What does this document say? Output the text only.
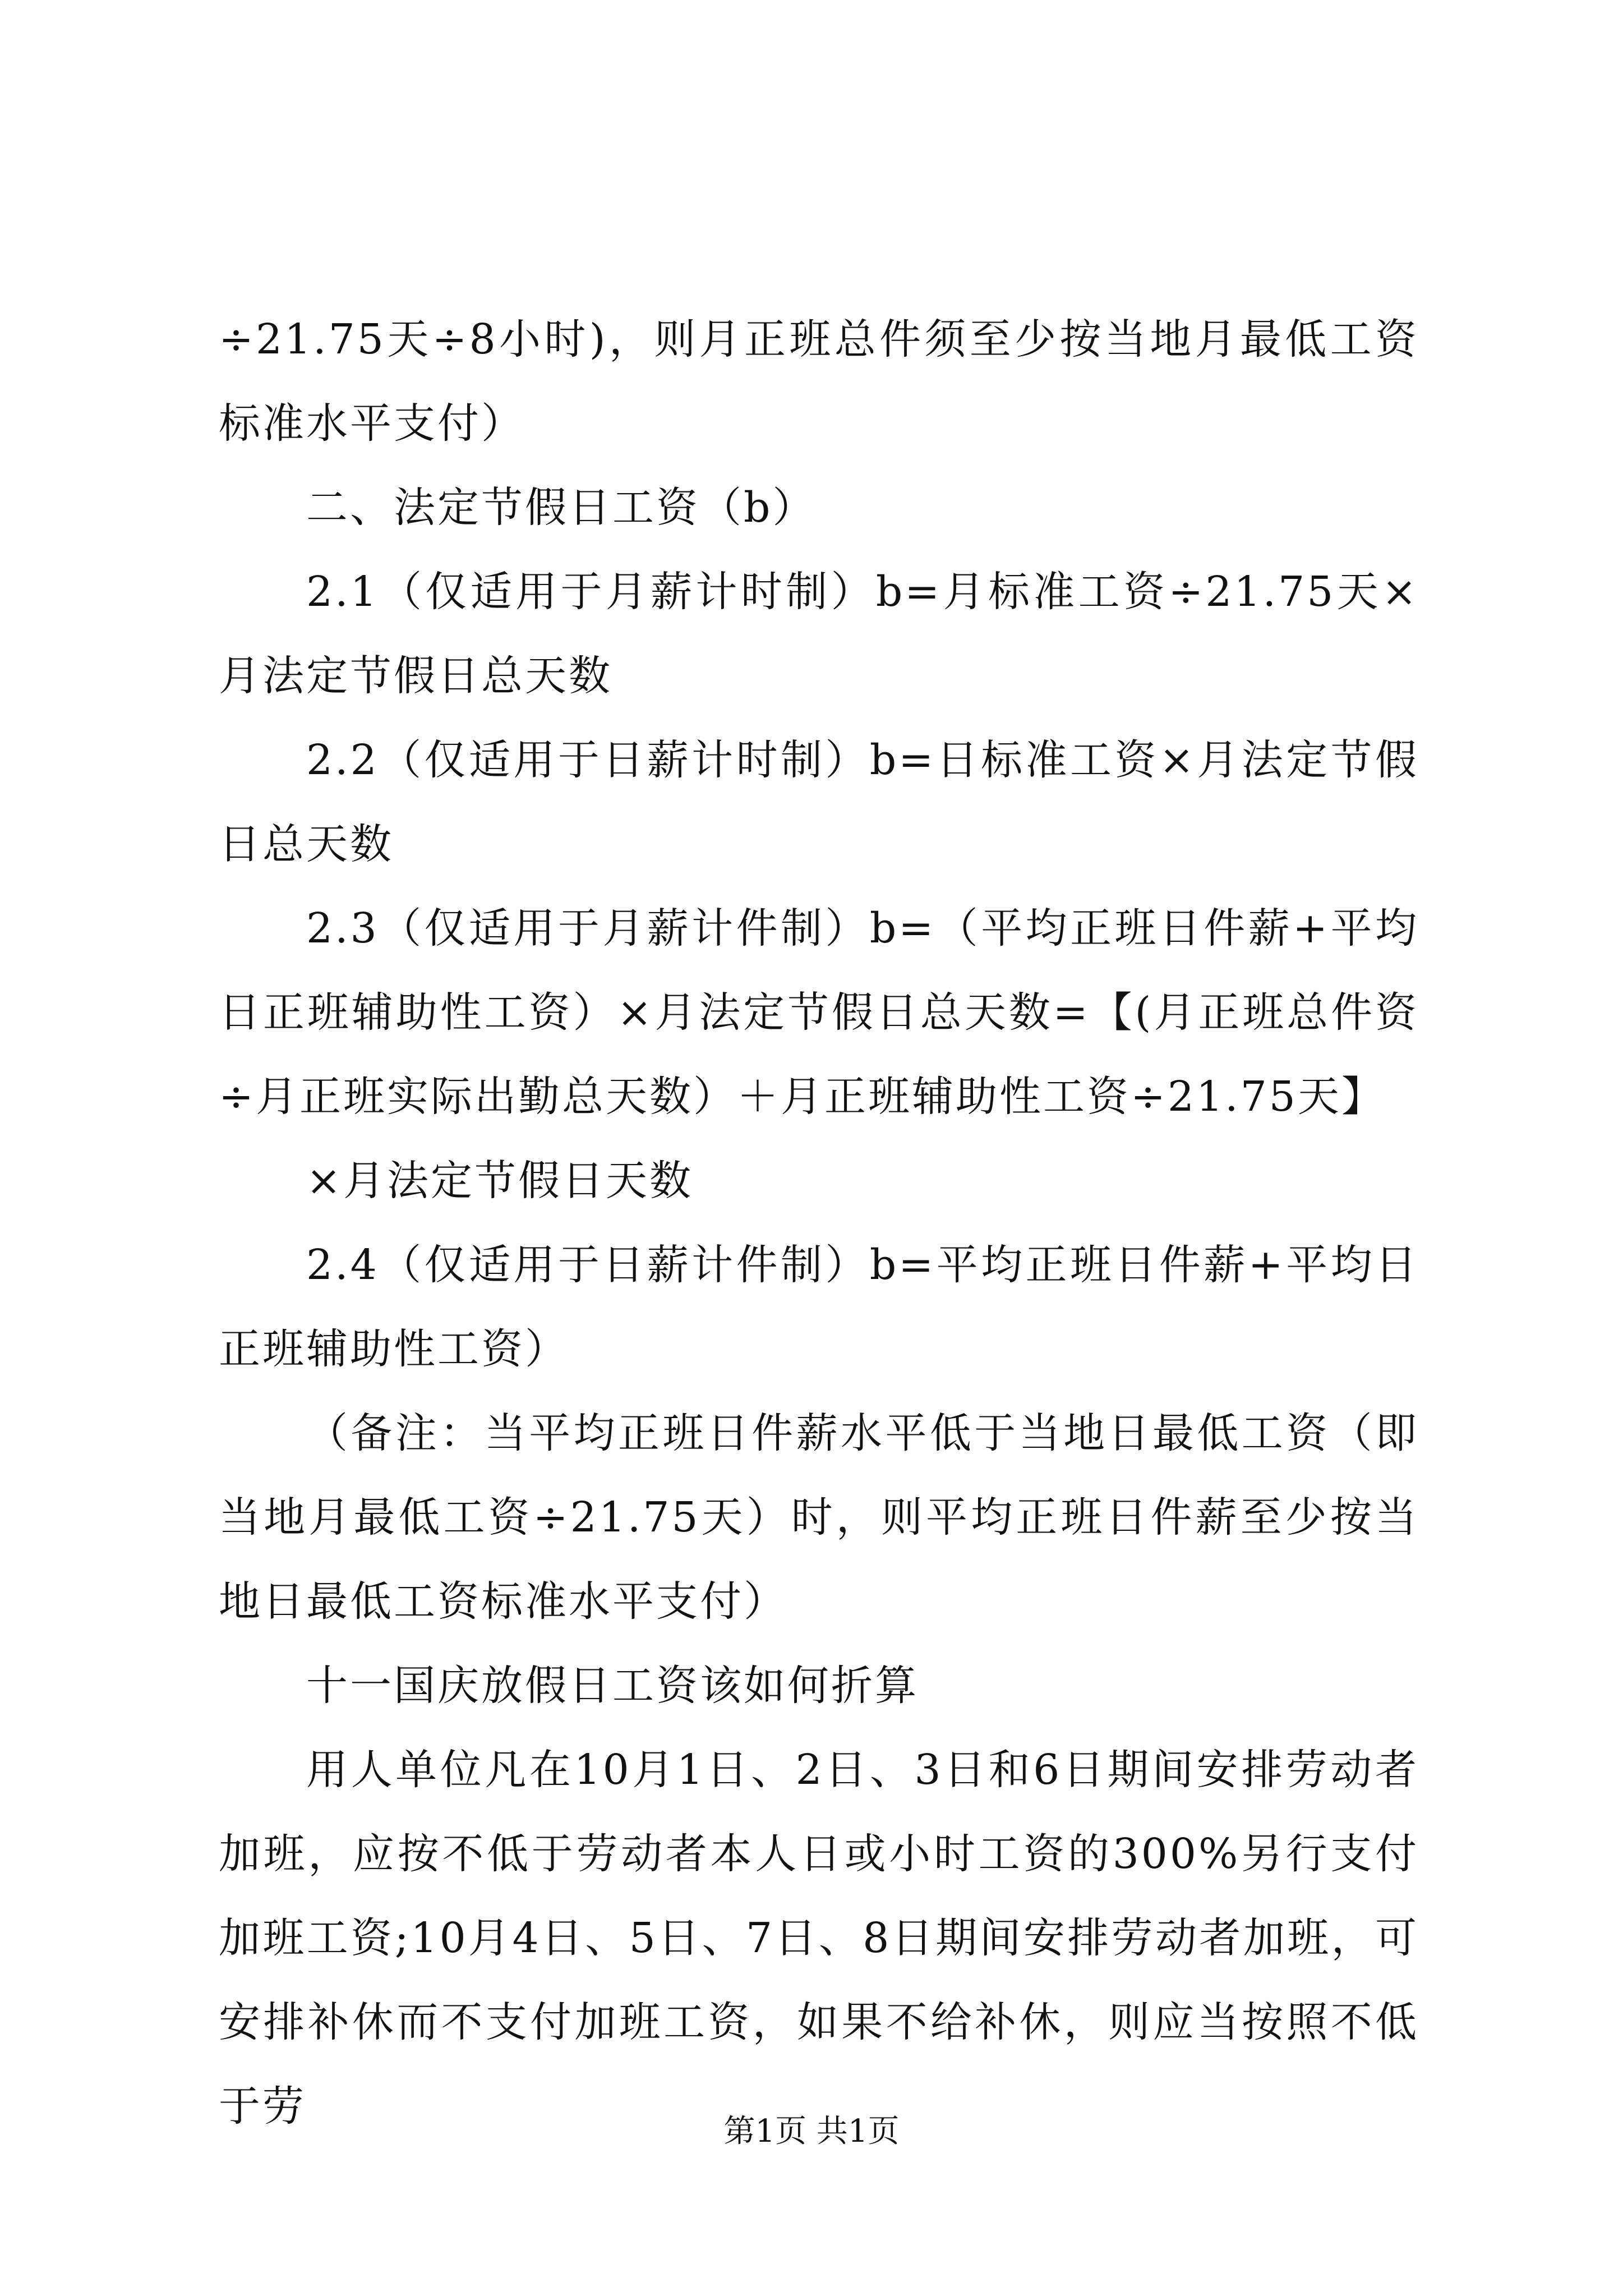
÷21.75天÷8小时)，则月正班总件须至少按当地月最低工资标准水平支付）

二、法定节假日工资（b）

2.1（仅适用于月薪计时制）b=月标准工资÷21.75天×月法定节假日总天数

2.2（仅适用于日薪计时制）b=日标准工资×月法定节假日总天数

2.3（仅适用于月薪计件制）b=（平均正班日件薪+平均日正班辅助性工资）×月法定节假日总天数=【(月正班总件资÷月正班实际出勤总天数）＋月正班辅助性工资÷21.75天】

×月法定节假日天数

2.4（仅适用于日薪计件制）b=平均正班日件薪+平均日正班辅助性工资）

（备注：当平均正班日件薪水平低于当地日最低工资（即当地月最低工资÷21.75天）时，则平均正班日件薪至少按当地日最低工资标准水平支付）

十一国庆放假日工资该如何折算

用人单位凡在10月1日、2日、3日和6日期间安排劳动者加班，应按不低于劳动者本人日或小时工资的300%另行支付加班工资;10月4日、5日、7日、8日期间安排劳动者加班，可安排补休而不支付加班工资，如果不给补休，则应当按照不低于劳

第1页 共1页
